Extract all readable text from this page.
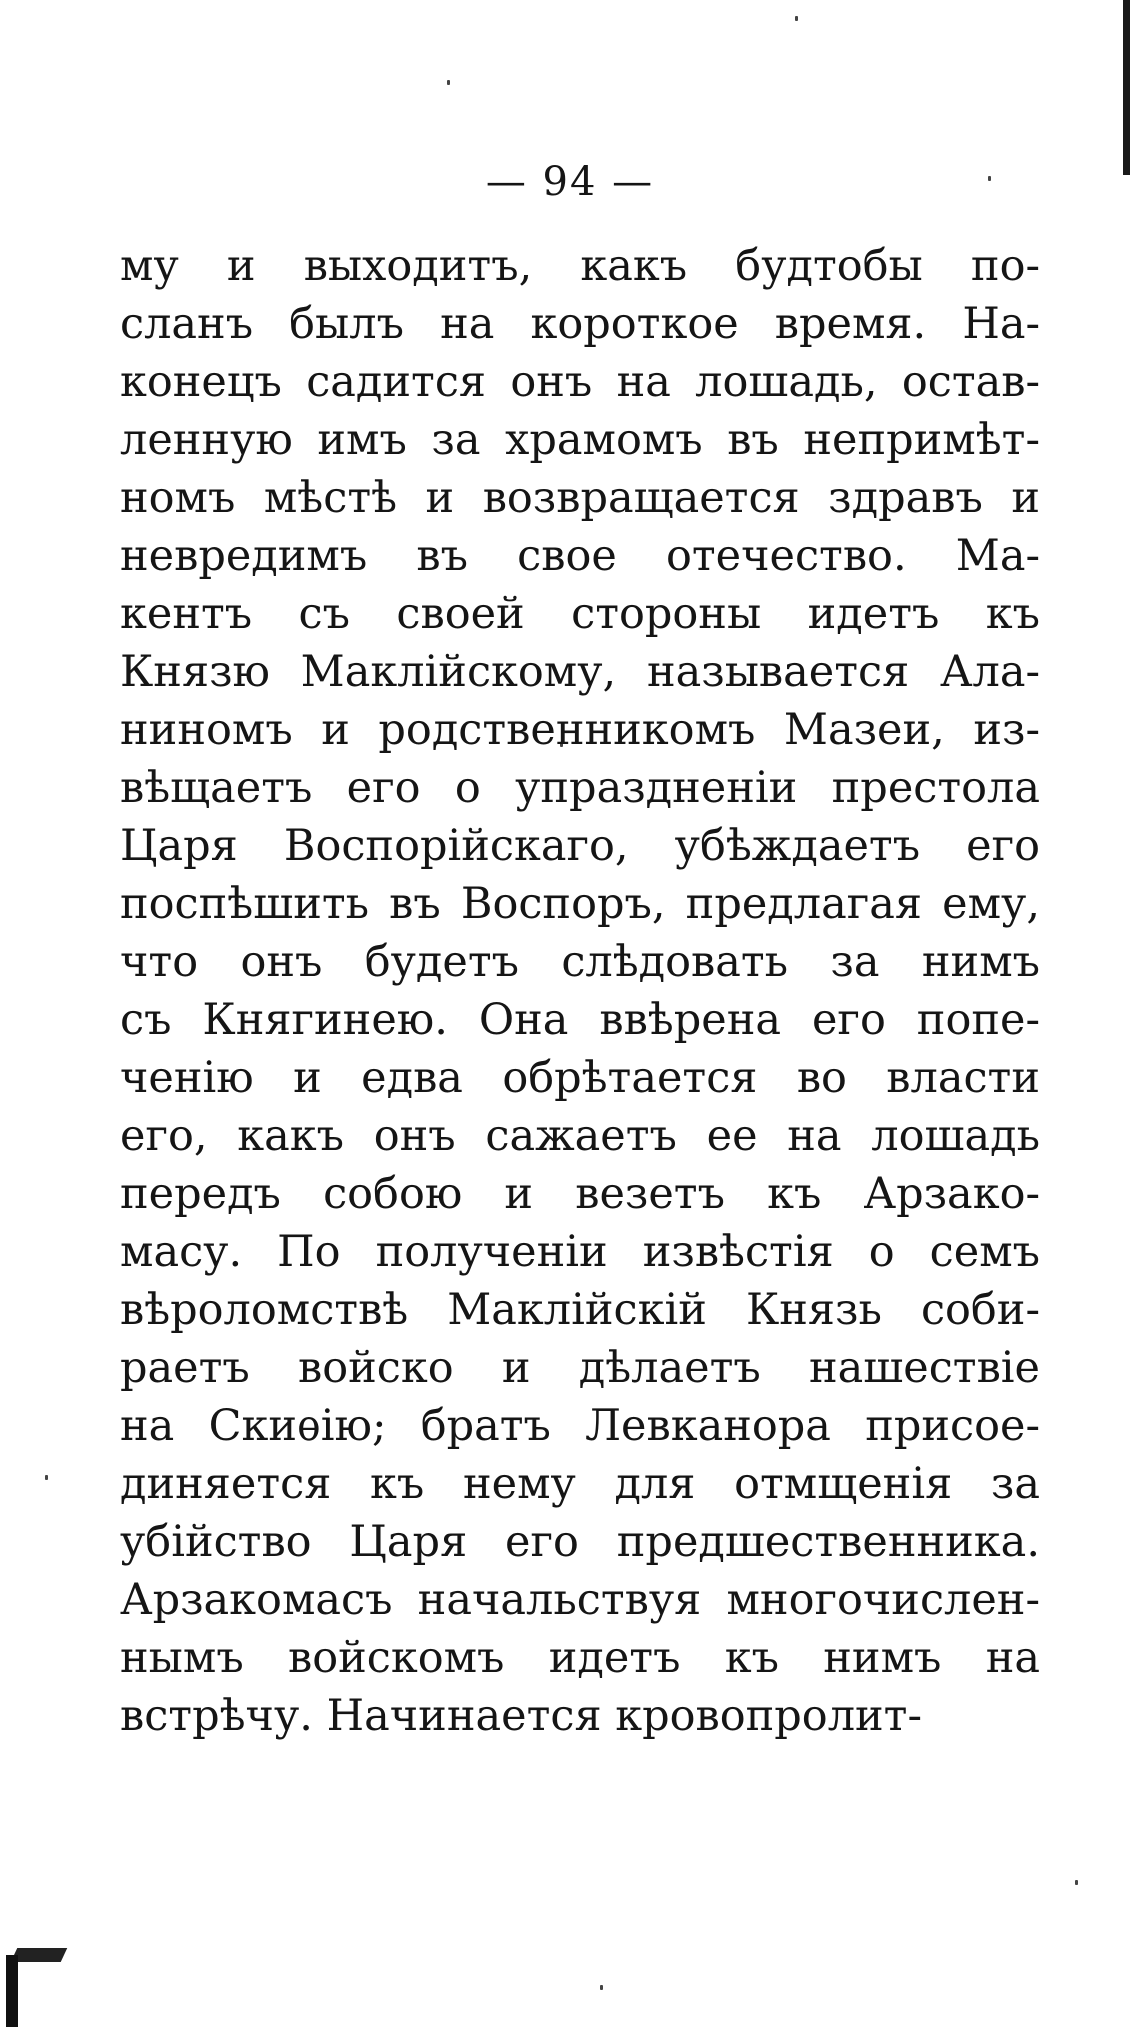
— 94 —
му и выходитъ, какъ будтобы по-
сланъ былъ на короткое время. На-
конецъ садится онъ на лошадь, остав-
ленную имъ за храмомъ въ непримѣт-
номъ мѣстѣ и возвращается здравъ и
невредимъ въ свое отечество. Ма-
кентъ съ своей стороны идетъ къ
Князю Маклійскому, называется Ала-
ниномъ и родственникомъ Мазеи, из-
вѣщаетъ его о упраздненіи престола
Царя Воспорійскаго, убѣждаетъ его
поспѣшить въ Воспоръ, предлагая ему,
что онъ будетъ слѣдовать за нимъ
съ Княгинею. Она ввѣрена его попе-
ченію и едва обрѣтается во власти
его, какъ онъ сажаетъ ее на лошадь
передъ собою и везетъ къ Арзако-
масу. По полученіи извѣстія о семъ
вѣроломствѣ Маклійскій Князь соби-
раетъ войско и дѣлаетъ нашествіе
на Скиѳію; братъ Левканора присое-
диняется къ нему для отмщенія за
убійство Царя его предшественника.
Арзакомасъ начальствуя многочислен-
нымъ войскомъ идетъ къ нимъ на
встрѣчу. Начинается кровопролит-
